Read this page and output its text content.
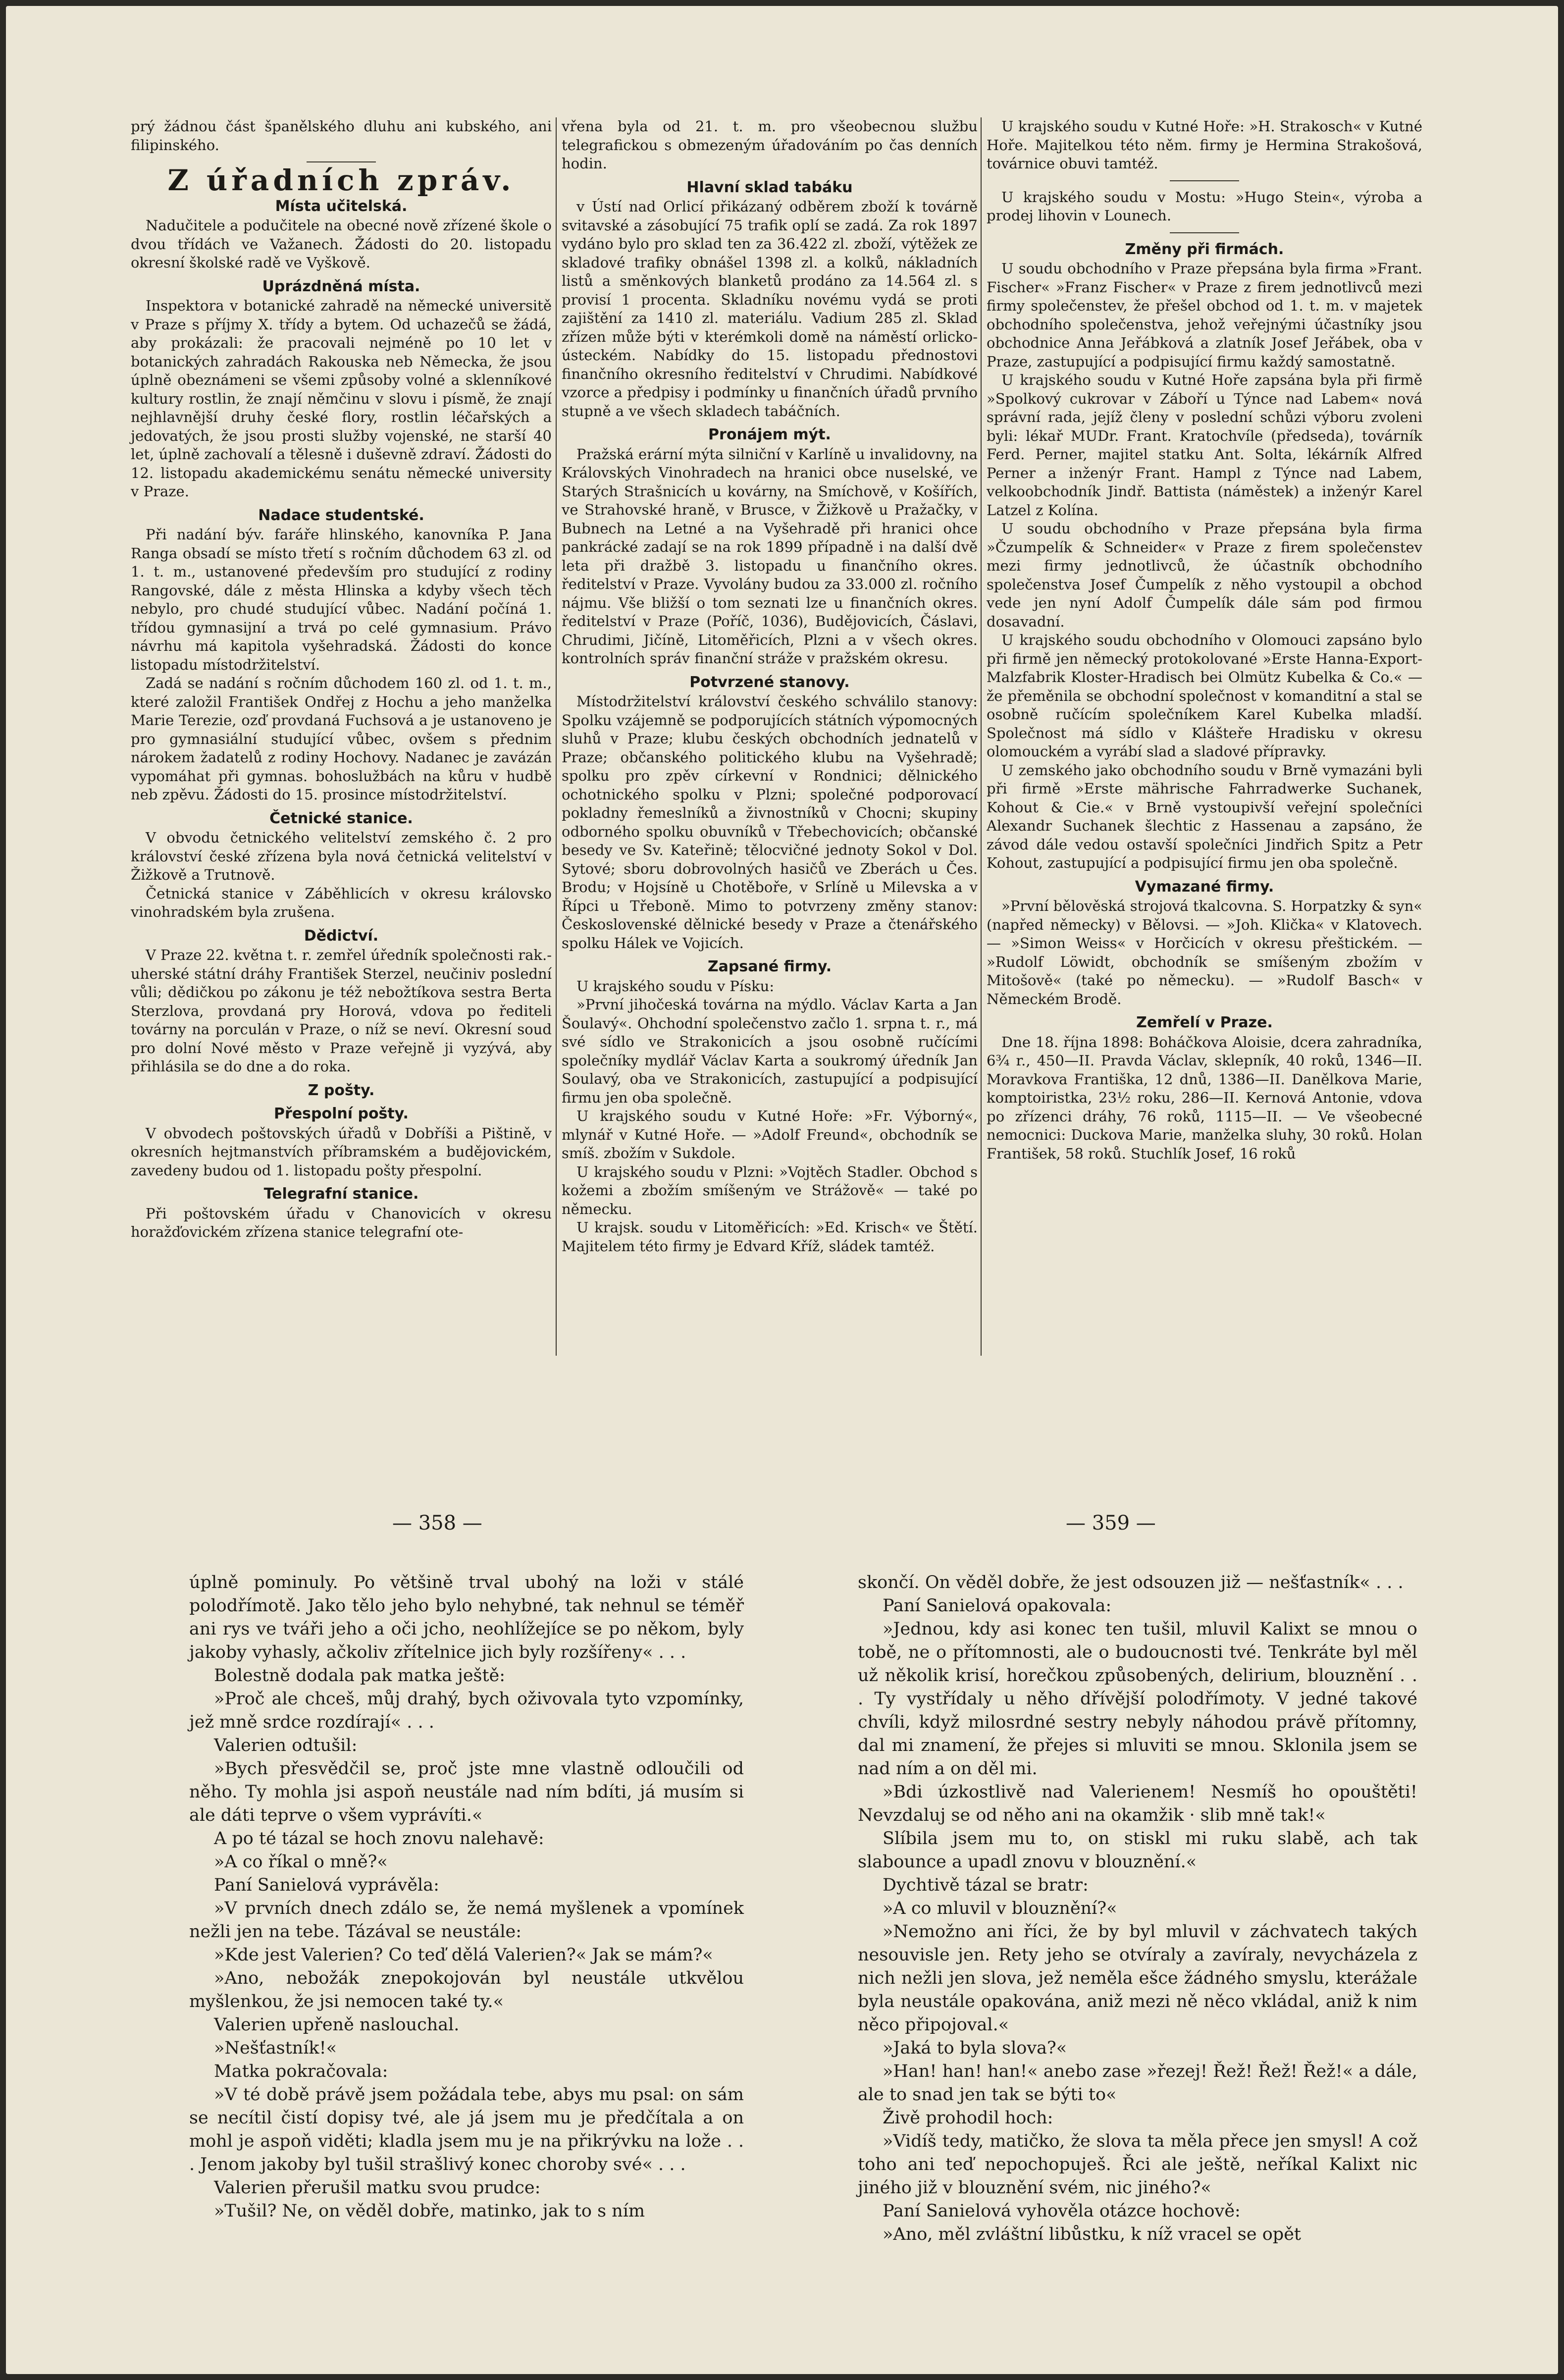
prý žádnou část španělského dluhu ani kubského, ani filipinského.

Z úřadních zpráv.
Místa učitelská.

Nadučitele a podučitele na obecné nově zřízené škole o dvou třídách ve Važanech. Žádosti do 20. listopadu okresní školské radě ve Vyškově.

Uprázdněná místa.

Inspektora v botanické zahradě na německé universitě v Praze s příjmy X. třídy a bytem. Od uchazečů se žádá, aby prokázali: že pracovali nejméně po 10 let v botanických zahradách Rakouska neb Německa, že jsou úplně obeznámeni se všemi způsoby volné a sklenníkové kultury rostlin, že znají němčinu v slovu i písmě, že znají nejhlavnější druhy české flory, rostlin léčařských a jedovatých, že jsou prosti služby vojenské, ne starší 40 let, úplně zachovalí a tělesně i duševně zdraví. Žádosti do 12. listopadu akademickému senátu německé university v Praze.

Nadace studentské.

Při nadání býv. faráře hlinského, kanovníka P. Jana Ranga obsadí se místo třetí s ročním důchodem 63 zl. od 1. t. m., ustanovené především pro studující z rodiny Rangovské, dále z města Hlinska a kdyby všech těch nebylo, pro chudé studující vůbec. Nadání počíná 1. třídou gymnasijní a trvá po celé gymnasium. Právo návrhu má kapitola vyšehradská. Žádosti do konce listopadu místodržitelství.

Zadá se nadání s ročním důchodem 160 zl. od 1. t. m., které založil František Ondřej z Hochu a jeho manželka Marie Terezie, ozď provdaná Fuchsová a je ustanoveno je pro gymnasiální studující vůbec, ovšem s přednim nárokem žadatelů z rodiny Hochovy. Nadanec je zavázán vypomáhat při gymnas. bohoslužbách na kůru v hudbě neb zpěvu. Žádosti do 15. prosince místodržitelství.

Četnické stanice.

V obvodu četnického velitelství zemského č. 2 pro království české zřízena byla nová četnická velitelství v Žižkově a Trutnově.

Četnická stanice v Záběhlicích v okresu královsko vinohradském byla zrušena.

Dědictví.

V Praze 22. května t. r. zemřel úředník společnosti rak.-uherské státní dráhy František Sterzel, neučiniv poslední vůli; dědičkou po zákonu je též nebožtíkova sestra Berta Sterzlova, provdaná pry Horová, vdova po řediteli továrny na porculán v Praze, o níž se neví. Okresní soud pro dolní Nové město v Praze veřejně ji vyzývá, aby přihlásila se do dne a do roka.

Z pošty.
Přespolní pošty.

V obvodech poštovských úřadů v Dobříši a Pištině, v okresních hejtmanstvích příbramském a budějovickém, zavedeny budou od 1. listopadu pošty přespolní.

Telegrafní stanice.

Při poštovském úřadu v Chanovicích v okresu horažďovickém zřízena stanice telegrafní ote-

vřena byla od 21. t. m. pro všeobecnou službu telegrafickou s obmezeným úřadováním po čas denních hodin.

Hlavní sklad tabáku

v Ústí nad Orlicí přikázaný odběrem zboží k továrně svitavské a zásobující 75 trafik oplí se zadá. Za rok 1897 vydáno bylo pro sklad ten za 36.422 zl. zboží, výtěžek ze skladové trafiky obnášel 1398 zl. a kolků, nákladních listů a směnkových blanketů prodáno za 14.564 zl. s provisí 1 procenta. Skladníku novému vydá se proti zajištění za 1410 zl. materiálu. Vadium 285 zl. Sklad zřízen může býti v kterémkoli domě na náměstí orlicko-ústeckém. Nabídky do 15. listopadu přednostovi finančního okresního ředitelství v Chrudimi. Nabídkové vzorce a předpisy i podmínky u finančních úřadů prvního stupně a ve všech skladech tabáčních.

Pronájem mýt.

Pražská erární mýta silniční v Karlíně u invalidovny, na Královských Vinohradech na hranici obce nuselské, ve Starých Strašnicích u kovárny, na Smíchově, v Košířích, ve Strahovské hraně, v Brusce, v Žižkově u Pražačky, v Bubnech na Letné a na Vyšehradě při hranici ohce pankrácké zadají se na rok 1899 případně i na další dvě leta při dražbě 3. listopadu u finančního okres. ředitelství v Praze. Vyvolány budou za 33.000 zl. ročního nájmu. Vše bližší o tom seznati lze u finančních okres. ředitelství v Praze (Poříč, 1036), Budějovicích, Čáslavi, Chrudimi, Jičíně, Litoměřicích, Plzni a v všech okres. kontrolních správ finanční stráže v pražském okresu.

Potvrzené stanovy.

Místodržitelství království českého schválilo stanovy: Spolku vzájemně se podporujících státních výpomocných sluhů v Praze; klubu českých obchodních jednatelů v Praze; občanského politického klubu na Vyšehradě; spolku pro zpěv církevní v Rondnici; dělnického ochotnického spolku v Plzni; společné podporovací pokladny řemeslníků a živnostníků v Chocni; skupiny odborného spolku obuvníků v Třebechovicích; občanské besedy ve Sv. Kateřině; tělocvičné jednoty Sokol v Dol. Sytové; sboru dobrovolných hasičů ve Zberách u Čes. Brodu; v Hojsíně u Chotěboře, v Srlíně u Milevska a v Řípci u Třeboně. Mimo to potvrzeny změny stanov: Československé dělnické besedy v Praze a čtenářského spolku Hálek ve Vojicích.

Zapsané firmy.

U krajského soudu v Písku:

»První jihočeská továrna na mýdlo. Václav Karta a Jan Šoulavý«. Ohchodní společenstvo začlo 1. srpna t. r., má své sídlo ve Strakonicích a jsou osobně ručícími společníky mydlář Václav Karta a soukromý úředník Jan Soulavý, oba ve Strakonicích, zastupující a podpisující firmu jen oba společně.

U krajského soudu v Kutné Hoře: »Fr. Výborný«, mlynář v Kutné Hoře. — »Adolf Freund«, obchodník se smíš. zbožím v Sukdole.

U krajského soudu v Plzni: »Vojtěch Stadler. Obchod s kožemi a zbožím smíšeným ve Strážově« — také po německu.

U krajsk. soudu v Litoměřicích: »Ed. Krisch« ve Štětí. Majitelem této firmy je Edvard Kříž, sládek tamtéž.

U krajského soudu v Kutné Hoře: »H. Strakosch« v Kutné Hoře. Majitelkou této něm. firmy je Hermina Strakošová, továrnice obuvi tamtéž.

U krajského soudu v Mostu: »Hugo Stein«, výroba a prodej lihovin v Lounech.

Změny při firmách.

U soudu obchodního v Praze přepsána byla firma »Frant. Fischer« »Franz Fischer« v Praze z firem jednotlivců mezi firmy společenstev, že přešel obchod od 1. t. m. v majetek obchodního společenstva, jehož veřejnými účastníky jsou obchodnice Anna Jeřábková a zlatník Josef Jeřábek, oba v Praze, zastupující a podpisující firmu každý samostatně.

U krajského soudu v Kutné Hoře zapsána byla při firmě »Spolkový cukrovar v Záboří u Týnce nad Labem« nová správní rada, jejíž členy v poslední schůzi výboru zvoleni byli: lékař MUDr. Frant. Kratochvíle (předseda), továrník Ferd. Perner, majitel statku Ant. Solta, lékárník Alfred Perner a inženýr Frant. Hampl z Týnce nad Labem, velkoobchodník Jindř. Battista (náměstek) a inženýr Karel Latzel z Kolína.

U soudu obchodního v Praze přepsána byla firma »Čzumpelík & Schneider« v Praze z firem společenstev mezi firmy jednotlivců, že účastník obchodního společenstva Josef Čumpelík z něho vystoupil a obchod vede jen nyní Adolf Čumpelík dále sám pod firmou dosavadní.

U krajského soudu obchodního v Olomouci zapsáno bylo při firmě jen německý protokolované »Erste Hanna-Export-Malzfabrik Kloster-Hradisch bei Olmütz Kubelka & Co.« — že přeměnila se obchodní společnost v komanditní a stal se osobně ručícím společníkem Karel Kubelka mladší. Společnost má sídlo v Klášteře Hradisku v okresu olomouckém a vyrábí slad a sladové přípravky.

U zemského jako obchodního soudu v Brně vymazáni byli při firmě »Erste mährische Fahrradwerke Suchanek, Kohout & Cie.« v Brně vystoupivší veřejní společníci Alexandr Suchanek šlechtic z Hassenau a zapsáno, že závod dále vedou ostavší společníci Jindřich Spitz a Petr Kohout, zastupující a podpisující firmu jen oba společně.

Vymazané firmy.

»První bělověská strojová tkalcovna. S. Horpatzky & syn« (napřed německy) v Bělovsi. — »Joh. Klička« v Klatovech. — »Simon Weiss« v Horčicích v okresu přeštickém. — »Rudolf Löwidt, obchodník se smíšeným zbožím v Mitošově« (také po německu). — »Rudolf Basch« v Německém Brodě.

Zemřelí v Praze.

Dne 18. října 1898: Boháčkova Aloisie, dcera zahradníka, 6¾ r., 450—II. Pravda Václav, sklepník, 40 roků, 1346—II. Moravkova Františka, 12 dnů, 1386—II. Danělkova Marie, komptoiristka, 23½ roku, 286—II. Kernová Antonie, vdova po zřízenci dráhy, 76 roků, 1115—II. — Ve všeobecné nemocnici: Duckova Marie, manželka sluhy, 30 roků. Holan František, 58 roků. Stuchlík Josef, 16 roků

— 358 —	— 359 —

úplně pominuly. Po většině trval ubohý na loži v stálé polodřímotě. Jako tělo jeho bylo nehybné, tak nehnul se téměř ani rys ve tváři jeho a oči jcho, neohlížejíce se po někom, byly jakoby vyhasly, ačkoliv zřítelnice jich byly rozšířeny« . . .

Bolestně dodala pak matka ještě:

»Proč ale chceš, můj drahý, bych oživovala tyto vzpomínky, jež mně srdce rozdírají« . . .

Valerien odtušil:

»Bych přesvědčil se, proč jste mne vlastně odloučili od něho. Ty mohla jsi aspoň neustále nad ním bdíti, já musím si ale dáti teprve o všem vyprávíti.«

A po té tázal se hoch znovu nalehavě:

»A co říkal o mně?«

Paní Sanielová vyprávěla:

»V prvních dnech zdálo se, že nemá myšlenek a vpomínek nežli jen na tebe. Tázával se neustále:

»Kde jest Valerien? Co teď dělá Valerien?« Jak se mám?«

»Ano, nebožák znepokojován byl neustále utkvělou myšlenkou, že jsi nemocen také ty.«

Valerien upřeně naslouchal.

»Nešťastník!«

Matka pokračovala:

»V té době právě jsem požádala tebe, abys mu psal: on sám se necítil čistí dopisy tvé, ale já jsem mu je předčítala a on mohl je aspoň viděti; kladla jsem mu je na přikrývku na lože . . . Jenom jakoby byl tušil strašlivý konec choroby své« . . .

Valerien přerušil matku svou prudce:

»Tušil? Ne, on věděl dobře, matinko, jak to s ním

skončí. On věděl dobře, že jest odsouzen již — nešťastník« . . .

Paní Sanielová opakovala:

»Jednou, kdy asi konec ten tušil, mluvil Kalixt se mnou o tobě, ne o přítomnosti, ale o budoucnosti tvé. Tenkráte byl měl už několik krisí, horečkou způsobených, delirium, blouznění . . . Ty vystřídaly u něho dřívější polodřímoty. V jedné takové chvíli, když milosrdné sestry nebyly náhodou právě přítomny, dal mi znamení, že přejes si mluviti se mnou. Sklonila jsem se nad ním a on děl mi.

»Bdi úzkostlivě nad Valerienem! Nesmíš ho opouštěti! Nevzdaluj se od něho ani na okamžik · slib mně tak!«

Slíbila jsem mu to, on stiskl mi ruku slabě, ach tak slabounce a upadl znovu v blouznění.«

Dychtivě tázal se bratr:

»A co mluvil v blouznění?«

»Nemožno ani říci, že by byl mluvil v záchvatech takých nesouvisle jen. Rety jeho se otvíraly a zavíraly, nevycházela z nich nežli jen slova, jež neměla ešce žádného smyslu, kterážale byla neustále opakována, aniž mezi ně něco vkládal, aniž k nim něco připojoval.«

»Jaká to byla slova?«

»Han! han! han!« anebo zase »řezej! Řež! Řež! Řež!« a dále, ale to snad jen tak se býti to«

Živě prohodil hoch:

»Vidíš tedy, matičko, že slova ta měla přece jen smysl! A což toho ani teď nepochopuješ. Řci ale ještě, neříkal Kalixt nic jiného již v blouznění svém, nic jiného?«

Paní Sanielová vyhověla otázce hochově:

»Ano, měl zvláštní libůstku, k níž vracel se opět
